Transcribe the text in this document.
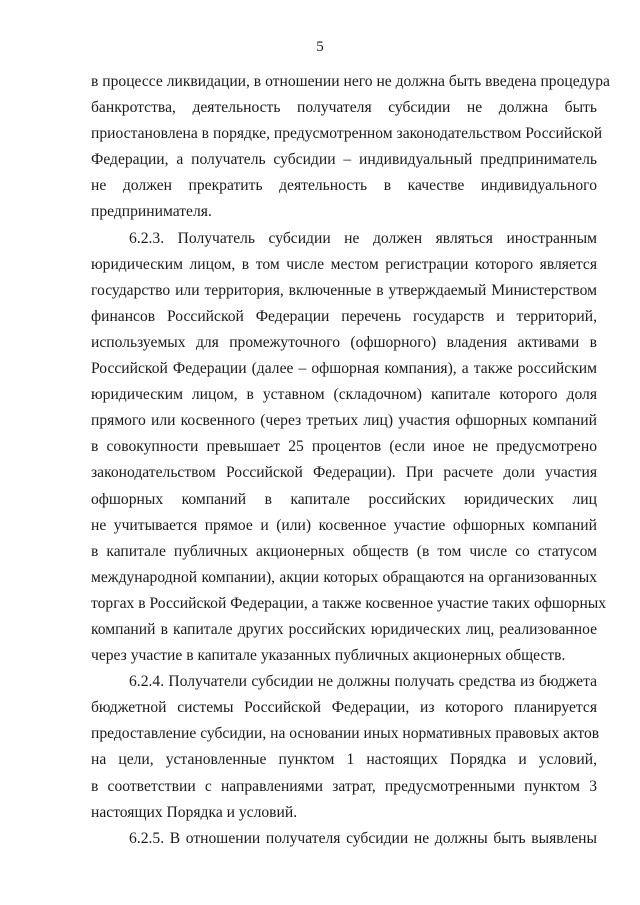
5
в процессе ликвидации, в отношении него не должна быть введена процедура
банкротства, деятельность получателя субсидии не должна быть
приостановлена в порядке, предусмотренном законодательством Российской
Федерации, а получатель субсидии – индивидуальный предприниматель
не должен прекратить деятельность в качестве индивидуального
предпринимателя.
6.2.3. Получатель субсидии не должен являться иностранным
юридическим лицом, в том числе местом регистрации которого является
государство или территория, включенные в утверждаемый Министерством
финансов Российской Федерации перечень государств и территорий,
используемых для промежуточного (офшорного) владения активами в
Российской Федерации (далее – офшорная компания), а также российским
юридическим лицом, в уставном (складочном) капитале которого доля
прямого или косвенного (через третьих лиц) участия офшорных компаний
в совокупности превышает 25 процентов (если иное не предусмотрено
законодательством Российской Федерации). При расчете доли участия
офшорных компаний в капитале российских юридических лиц
не учитывается прямое и (или) косвенное участие офшорных компаний
в капитале публичных акционерных обществ (в том числе со статусом
международной компании), акции которых обращаются на организованных
торгах в Российской Федерации, а также косвенное участие таких офшорных
компаний в капитале других российских юридических лиц, реализованное
через участие в капитале указанных публичных акционерных обществ.
6.2.4. Получатели субсидии не должны получать средства из бюджета
бюджетной системы Российской Федерации, из которого планируется
предоставление субсидии, на основании иных нормативных правовых актов
на цели, установленные пунктом 1 настоящих Порядка и условий,
в соответствии с направлениями затрат, предусмотренными пунктом 3
настоящих Порядка и условий.
6.2.5. В отношении получателя субсидии не должны быть выявлены
